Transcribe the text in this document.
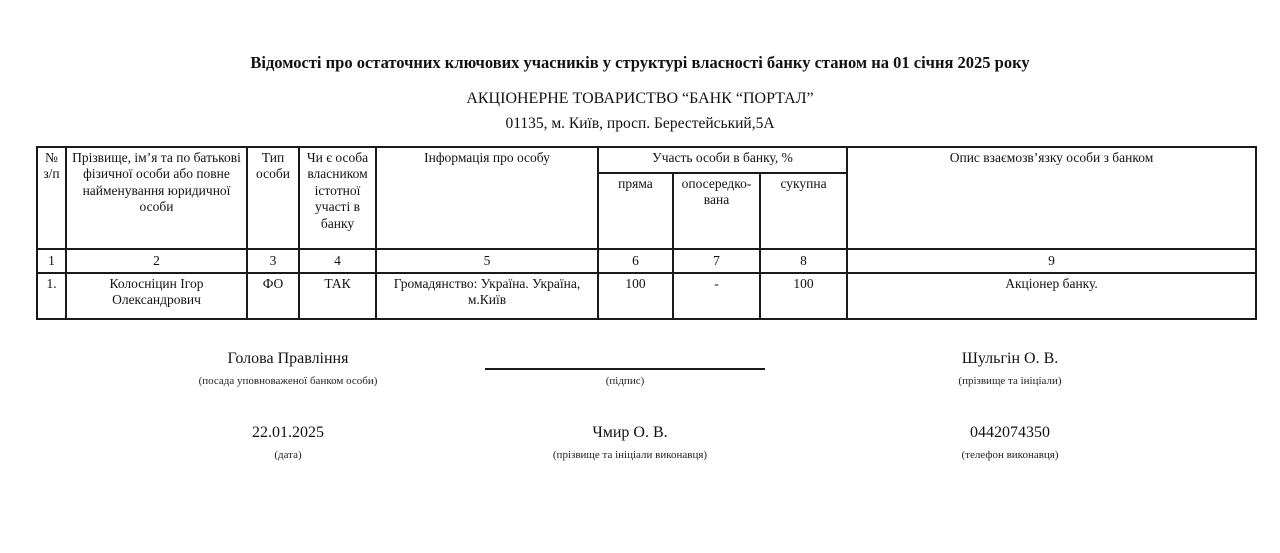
Відомості про остаточних ключових учасників у структурі власності банку станом на 01 січня 2025 року
АКЦІОНЕРНЕ ТОВАРИСТВО “БАНК “ПОРТАЛ”
01135, м. Київ, просп. Берестейський,5А
№ з/п	Прізвище, ім’я та по батькові фізичної особи або повне найменування юридичної особи	Тип особи	Чи є особа власником істотної участі в банку	Інформація про особу	Участь особи в банку, %			Опис взаємозв’язку особи з банком
					пряма	опосередко-вана	сукупна	
1	2	3	4	5	6	7	8	9
1.	Колосніцин Ігор Олександрович	ФО	ТАК	Громадянство: Україна. Україна, м.Київ	100	-	100	Акціонер банку.
Голова Правління
(посада уповноваженої банком особи)	(підпис)
Шульгін О. В.
(прізвище та ініціали)
22.01.2025
(дата)
Чмир О. В.
(прізвище та ініціали виконавця)
0442074350
(телефон виконавця)
